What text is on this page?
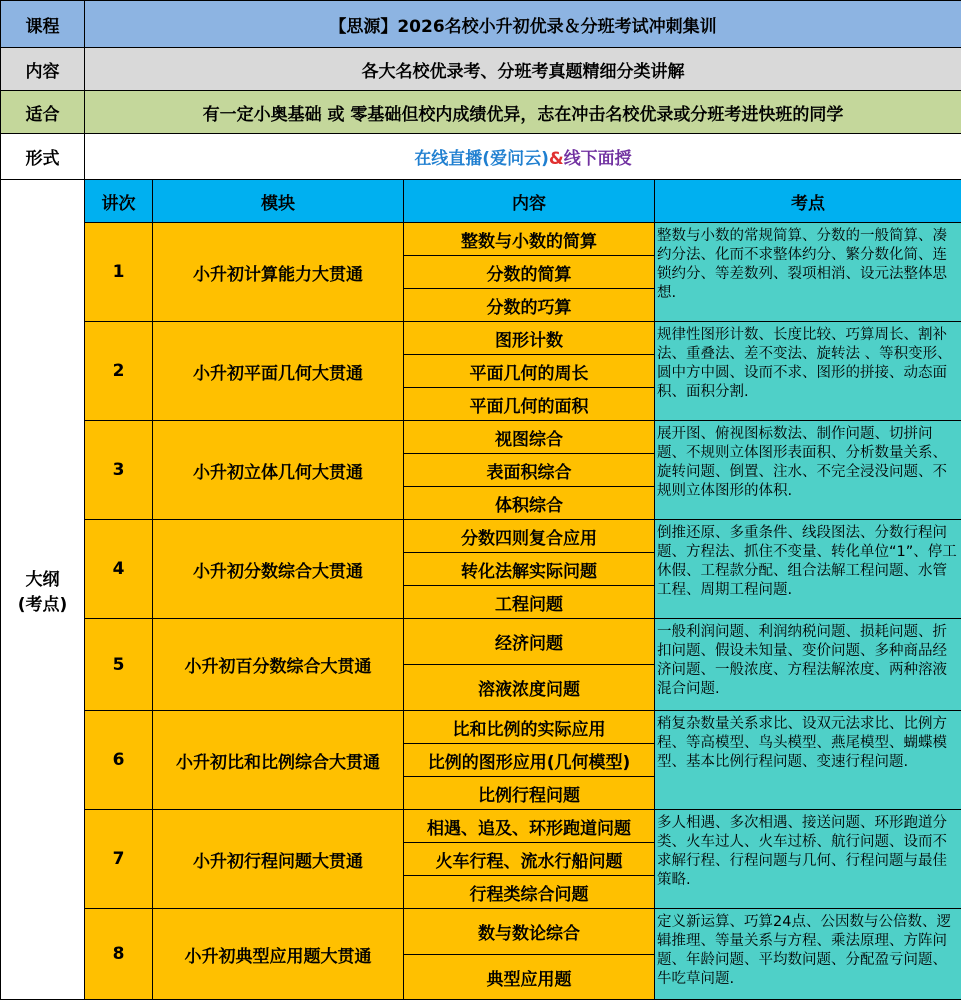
课程	【思源】2026名校小升初优录＆分班考试冲刺集训			
内容	各大名校优录考、分班考真题精细分类讲解			
适合	有一定小奥基础 或 零基础但校内成绩优异，志在冲击名校优录或分班考进快班的同学			
形式	在线直播(爱问云)&线下面授			

大纲
(考点)	讲次	模块	内容	考点
	1	小升初计算能力大贯通	整数与小数的简算	整数与小数的常规简算、分数的一般简算、凑约分法、化而不求整体约分、繁分数化简、连锁约分、等差数列、裂项相消、设元法整体思想.
			分数的简算	
			分数的巧算	
	2	小升初平面几何大贯通	图形计数	规律性图形计数、长度比较、巧算周长、割补法、重叠法、差不变法、旋转法 、等积变形、圆中方中圆、设而不求、图形的拼接、动态面积、面积分割.
			平面几何的周长	
			平面几何的面积	
	3	小升初立体几何大贯通	视图综合	展开图、俯视图标数法、制作问题、切拼问题、不规则立体图形表面积、分析数量关系、旋转问题、倒置、注水、不完全浸没问题、不规则立体图形的体积.
			表面积综合	
			体积综合	
	4	小升初分数综合大贯通	分数四则复合应用	倒推还原、多重条件、线段图法、分数行程问题、方程法、抓住不变量、转化单位“1”、停工休假、工程款分配、组合法解工程问题、水管工程、周期工程问题.
			转化法解实际问题	
			工程问题	
	5	小升初百分数综合大贯通	经济问题	一般利润问题、利润纳税问题、损耗问题、折扣问题、假设未知量、变价问题、多种商品经济问题、一般浓度、方程法解浓度、两种溶液混合问题.
			溶液浓度问题	
	6	小升初比和比例综合大贯通	比和比例的实际应用	稍复杂数量关系求比、设双元法求比、比例方程、等高模型、鸟头模型、燕尾模型、蝴蝶模型、基本比例行程问题、变速行程问题.
			比例的图形应用(几何模型)	
			比例行程问题	
	7	小升初行程问题大贯通	相遇、追及、环形跑道问题	多人相遇、多次相遇、接送问题、环形跑道分类、火车过人、火车过桥、航行问题、设而不求解行程、行程问题与几何、行程问题与最佳策略.
			火车行程、流水行船问题	
			行程类综合问题	
	8	小升初典型应用题大贯通	数与数论综合	定义新运算、巧算24点、公因数与公倍数、逻辑推理、等量关系与方程、乘法原理、方阵问题、年龄问题、平均数问题、分配盈亏问题、牛吃草问题.
			典型应用题	
